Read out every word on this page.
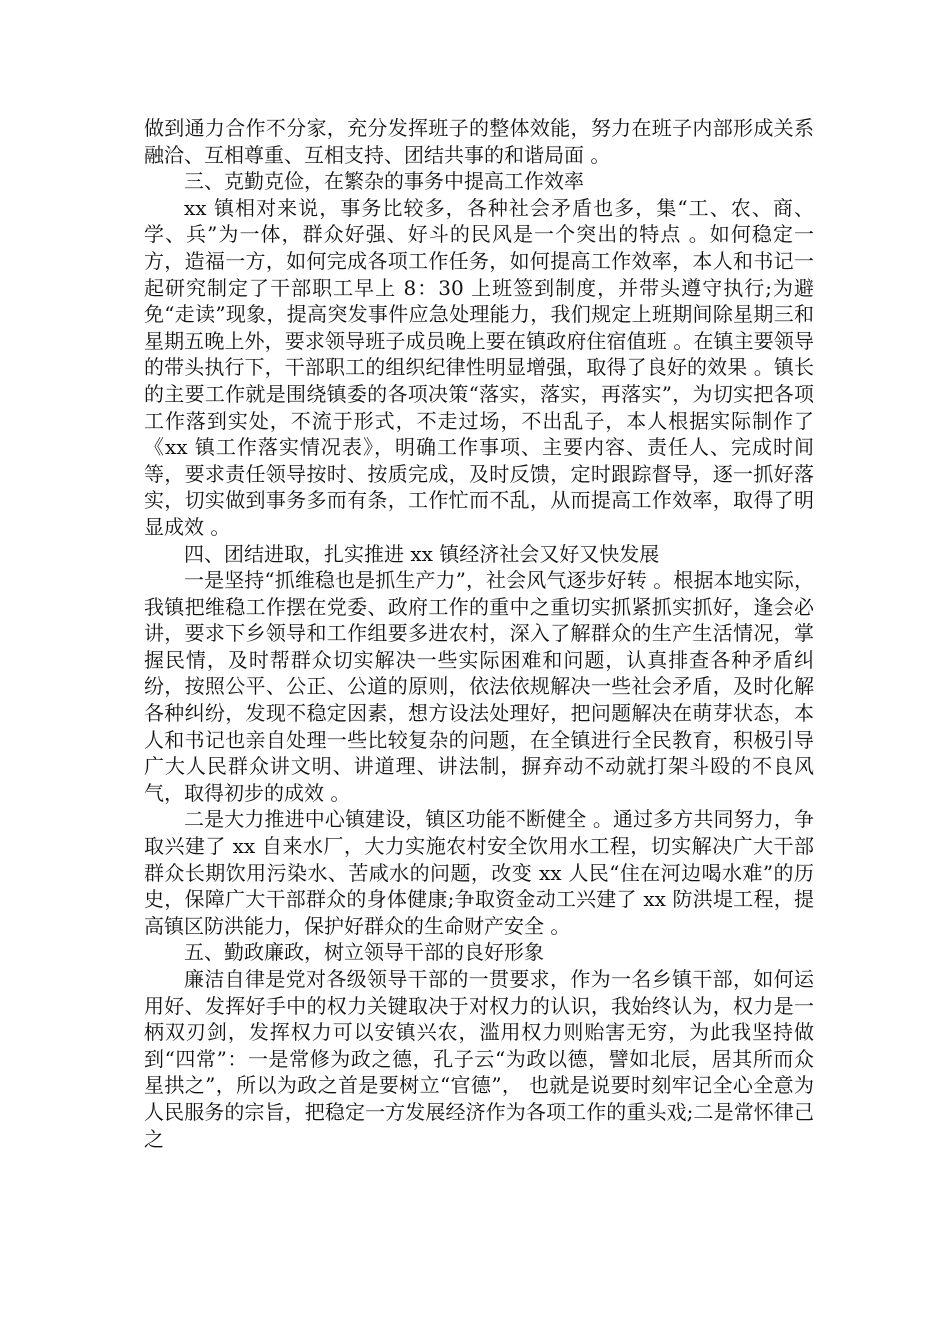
做到通力合作不分家，充分发挥班子的整体效能，努力在班子内部形成关系融洽、互相尊重、互相支持、团结共事的和谐局面 。

三、克勤克俭，在繁杂的事务中提高工作效率

xx 镇相对来说，事务比较多，各种社会矛盾也多，集“工、农、商、学、兵”为一体，群众好强、好斗的民风是一个突出的特点 。如何稳定一方，造福一方，如何完成各项工作任务，如何提高工作效率，本人和书记一起研究制定了干部职工早上 8：30 上班签到制度，并带头遵守执行;为避免“走读”现象，提高突发事件应急处理能力，我们规定上班期间除星期三和星期五晚上外，要求领导班子成员晚上要在镇政府住宿值班 。在镇主要领导的带头执行下，干部职工的组织纪律性明显增强，取得了良好的效果 。镇长的主要工作就是围绕镇委的各项决策“落实，落实，再落实”，为切实把各项工作落到实处，不流于形式，不走过场，不出乱子，本人根据实际制作了《xx 镇工作落实情况表》，明确工作事项、主要内容、责任人、完成时间等，要求责任领导按时、按质完成，及时反馈，定时跟踪督导，逐一抓好落实，切实做到事务多而有条，工作忙而不乱，从而提高工作效率，取得了明显成效 。

四、团结进取，扎实推进 xx 镇经济社会又好又快发展

一是坚持“抓维稳也是抓生产力”，社会风气逐步好转 。根据本地实际，我镇把维稳工作摆在党委、政府工作的重中之重切实抓紧抓实抓好，逢会必讲，要求下乡领导和工作组要多进农村，深入了解群众的生产生活情况，掌握民情，及时帮群众切实解决一些实际困难和问题，认真排查各种矛盾纠纷，按照公平、公正、公道的原则，依法依规解决一些社会矛盾，及时化解各种纠纷，发现不稳定因素，想方设法处理好，把问题解决在萌芽状态，本人和书记也亲自处理一些比较复杂的问题，在全镇进行全民教育，积极引导广大人民群众讲文明、讲道理、讲法制，摒弃动不动就打架斗殴的不良风气，取得初步的成效 。

二是大力推进中心镇建设，镇区功能不断健全 。通过多方共同努力，争取兴建了 xx 自来水厂，大力实施农村安全饮用水工程，切实解决广大干部群众长期饮用污染水、苦咸水的问题，改变 xx 人民“住在河边喝水难”的历史，保障广大干部群众的身体健康;争取资金动工兴建了 xx 防洪堤工程，提高镇区防洪能力，保护好群众的生命财产安全 。

五、勤政廉政，树立领导干部的良好形象

廉洁自律是党对各级领导干部的一贯要求，作为一名乡镇干部，如何运用好、发挥好手中的权力关键取决于对权力的认识，我始终认为，权力是一柄双刃剑，发挥权力可以安镇兴农，滥用权力则贻害无穷，为此我坚持做到“四常”：一是常修为政之德，孔子云“为政以德，譬如北辰，居其所而众星拱之”，所以为政之首是要树立“官德”， 也就是说要时刻牢记全心全意为人民服务的宗旨，把稳定一方发展经济作为各项工作的重头戏;二是常怀律己之
